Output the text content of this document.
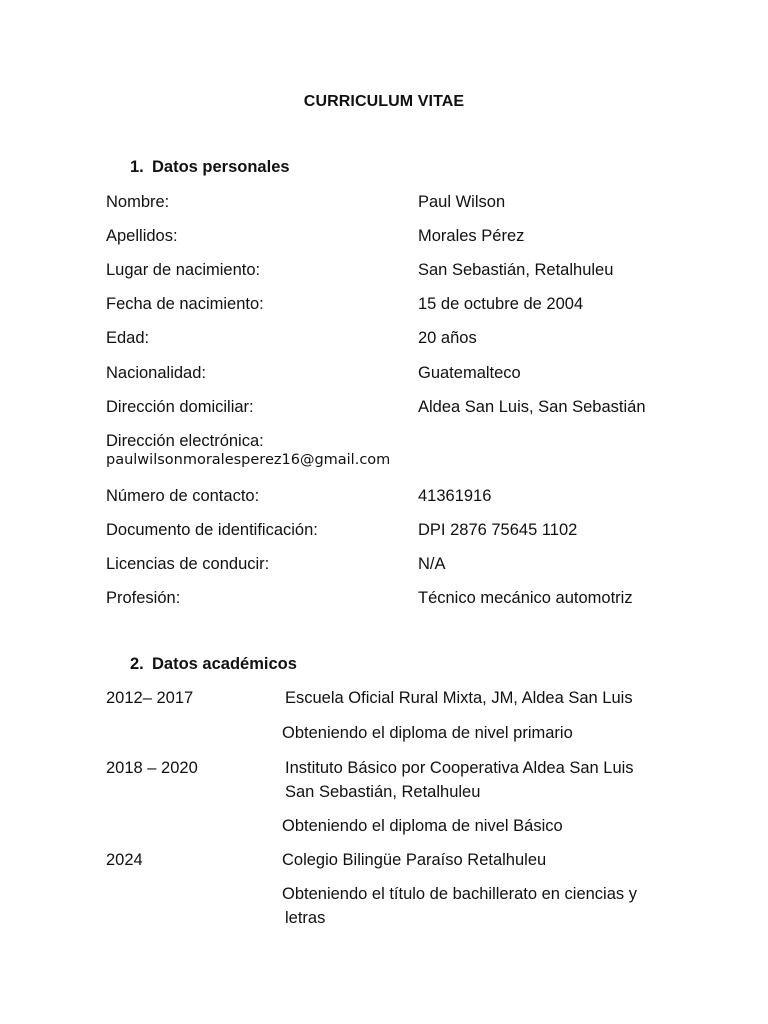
CURRICULUM VITAE
1. Datos personales
Nombre:	Paul Wilson
Apellidos:	Morales Pérez
Lugar de nacimiento:	San Sebastián, Retalhuleu
Fecha de nacimiento:	15 de octubre de 2004
Edad:	20 años
Nacionalidad:	Guatemalteco
Dirección domiciliar:	Aldea San Luis, San Sebastián
Dirección electrónica:
paulwilsonmoralesperez16@gmail.com
Número de contacto:	41361916
Documento de identificación:	DPI 2876 75645 1102
Licencias de conducir:	N/A
Profesión:	Técnico mecánico automotriz
2. Datos académicos
2012– 2017	Escuela Oficial Rural Mixta, JM, Aldea San Luis
Obteniendo el diploma de nivel primario
2018 – 2020	Instituto Básico por Cooperativa Aldea San Luis
San Sebastián, Retalhuleu
Obteniendo el diploma de nivel Básico
2024	Colegio Bilingüe Paraíso Retalhuleu
Obteniendo el título de bachillerato en ciencias y
letras
